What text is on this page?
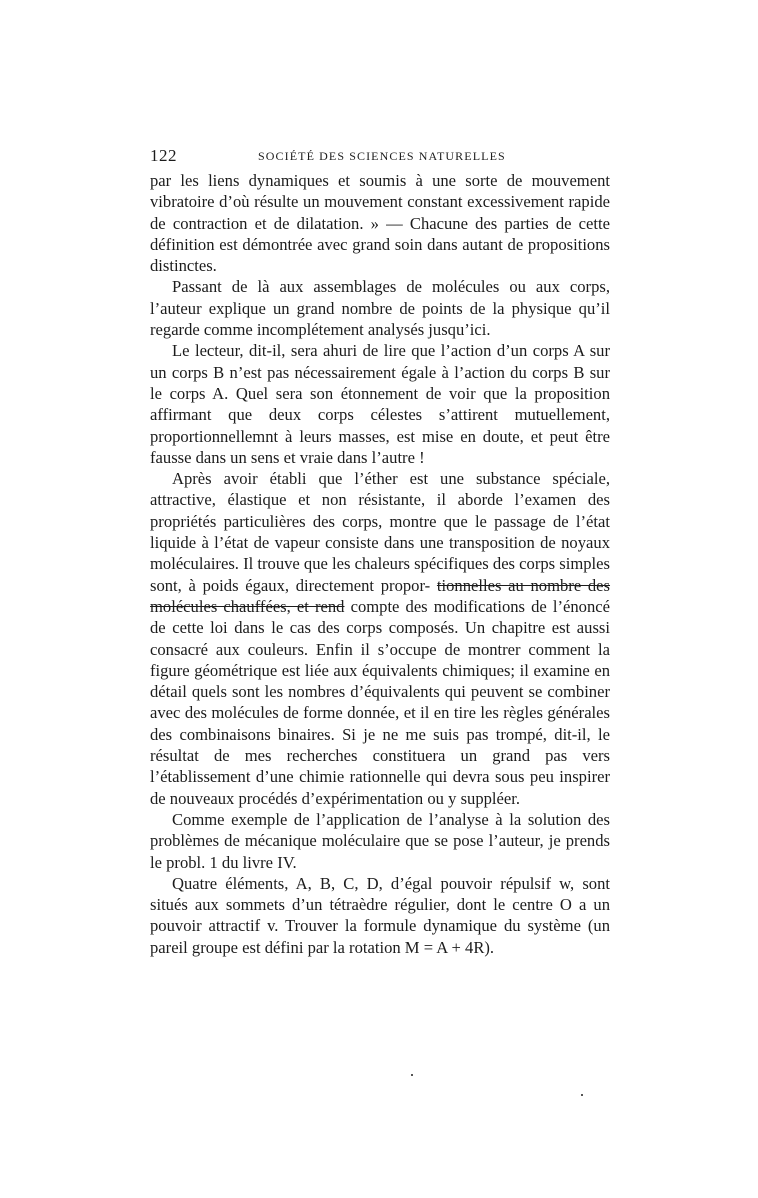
122	SOCIÉTÉ DES SCIENCES NATURELLES

par les liens dynamiques et soumis à une sorte de mouvement vibratoire d’où résulte un mouvement constant excessivement rapide de contraction et de dilatation. » — Chacune des parties de cette définition est démontrée avec grand soin dans autant de propositions distinctes.

Passant de là aux assemblages de molécules ou aux corps, l’auteur explique un grand nombre de points de la physique qu’il regarde comme incomplétement analysés jusqu’ici.

Le lecteur, dit-il, sera ahuri de lire que l’action d’un corps A sur un corps B n’est pas nécessairement égale à l’action du corps B sur le corps A. Quel sera son étonnement de voir que la proposition affirmant que deux corps célestes s’attirent mutuellement, proportionnellemnt à leurs masses, est mise en doute, et peut être fausse dans un sens et vraie dans l’autre !

Après avoir établi que l’éther est une substance spéciale, attractive, élastique et non résistante, il aborde l’examen des propriétés particulières des corps, montre que le passage de l’état liquide à l’état de vapeur consiste dans une transposition de noyaux moléculaires. Il trouve que les chaleurs spécifiques des corps simples sont, à poids égaux, directement propor- tionnelles au nombre des molécules chauffées, et rend compte des modifications de l’énoncé de cette loi dans le cas des corps composés. Un chapitre est aussi consacré aux couleurs. Enfin il s’occupe de montrer comment la figure géométrique est liée aux équivalents chimiques; il examine en détail quels sont les nombres d’équivalents qui peuvent se combiner avec des molécules de forme donnée, et il en tire les règles générales des combinaisons binaires. Si je ne me suis pas trompé, dit-il, le résultat de mes recherches constituera un grand pas vers l’établissement d’une chimie rationnelle qui devra sous peu inspirer de nouveaux procédés d’expérimentation ou y suppléer.

Comme exemple de l’application de l’analyse à la solution des problèmes de mécanique moléculaire que se pose l’auteur, je prends le probl. 1 du livre IV.

Quatre éléments, A, B, C, D, d’égal pouvoir répulsif w, sont situés aux sommets d’un tétraèdre régulier, dont le centre O a un pouvoir attractif v. Trouver la formule dynamique du système (un pareil groupe est défini par la rotation M = A + 4R).
